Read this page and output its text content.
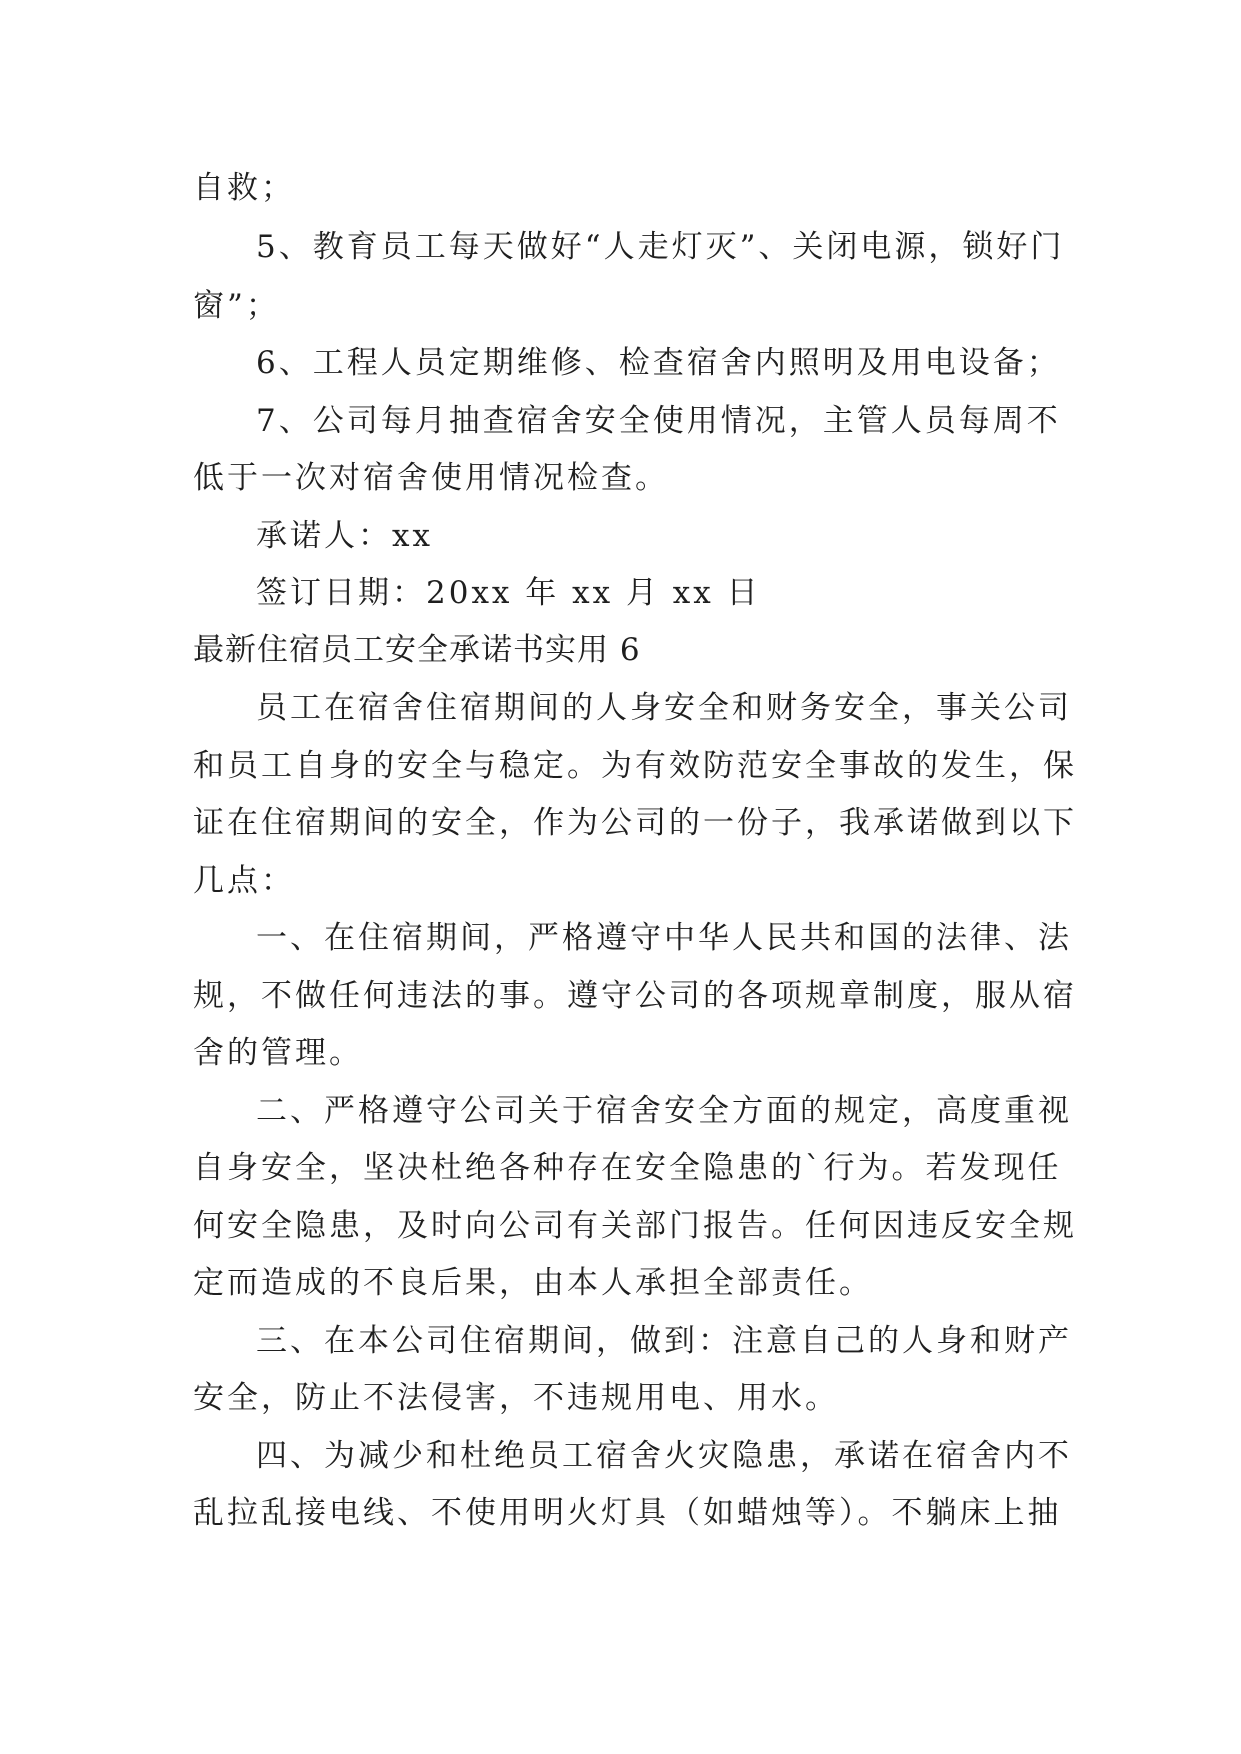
自救；

5、教育员工每天做好“人走灯灭”、关闭电源，锁好门

窗”；

6、工程人员定期维修、检查宿舍内照明及用电设备；

7、公司每月抽查宿舍安全使用情况，主管人员每周不

低于一次对宿舍使用情况检查。

承诺人：xx

签订日期：20xx 年 xx 月 xx 日

最新住宿员工安全承诺书实用 6

员工在宿舍住宿期间的人身安全和财务安全，事关公司

和员工自身的安全与稳定。为有效防范安全事故的发生，保

证在住宿期间的安全，作为公司的一份子，我承诺做到以下

几点：

一、在住宿期间，严格遵守中华人民共和国的法律、法

规，不做任何违法的事。遵守公司的各项规章制度，服从宿

舍的管理。

二、严格遵守公司关于宿舍安全方面的规定，高度重视

自身安全，坚决杜绝各种存在安全隐患的`行为。若发现任

何安全隐患，及时向公司有关部门报告。任何因违反安全规

定而造成的不良后果，由本人承担全部责任。

三、在本公司住宿期间，做到：注意自己的人身和财产

安全，防止不法侵害，不违规用电、用水。

四、为减少和杜绝员工宿舍火灾隐患，承诺在宿舍内不

乱拉乱接电线、不使用明火灯具（如蜡烛等）。不躺床上抽
